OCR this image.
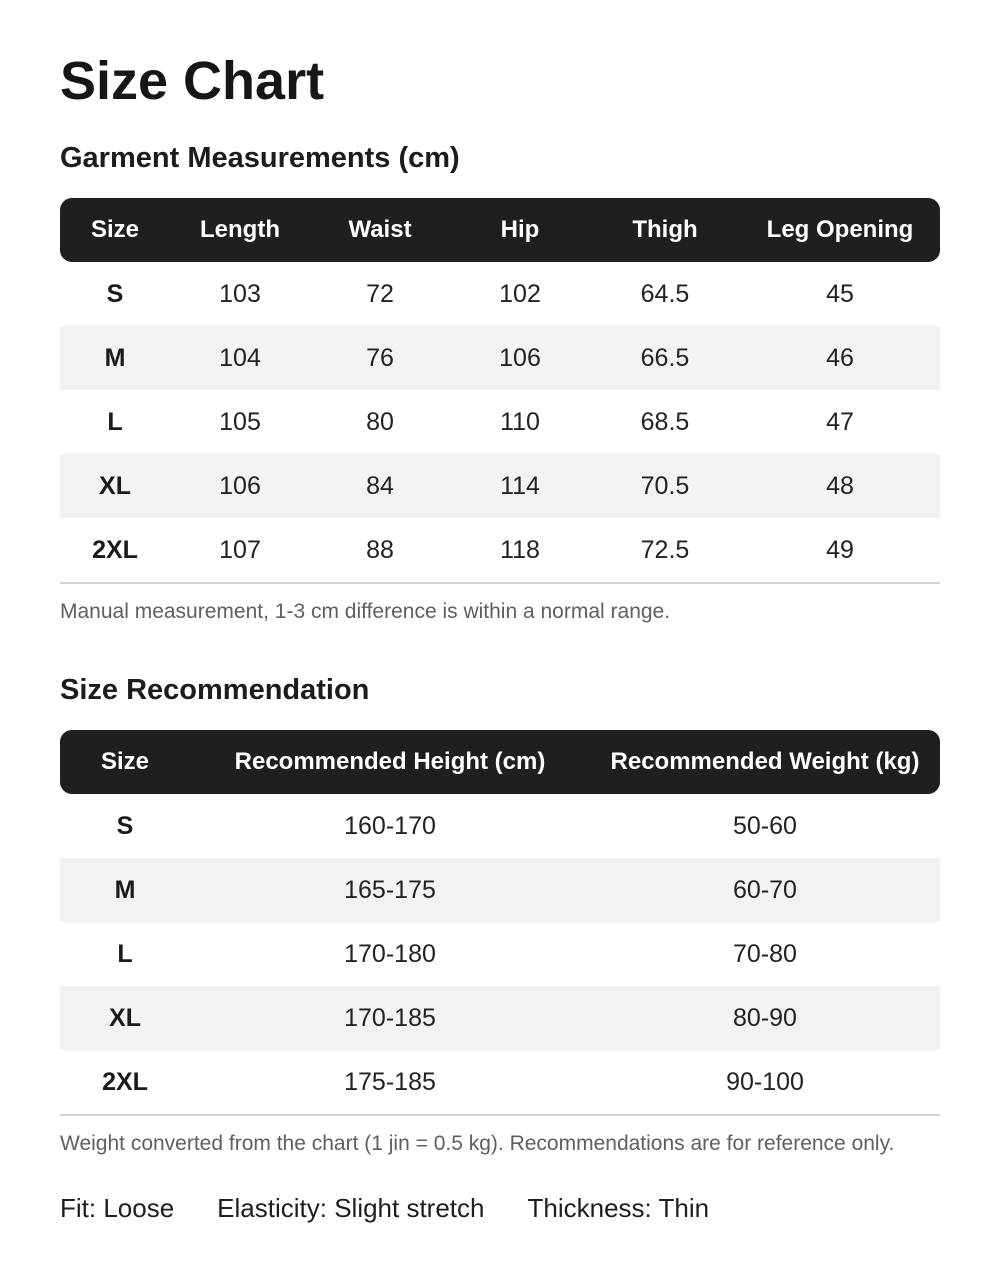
Size Chart
Garment Measurements (cm)
Size	Length	Waist	Hip	Thigh	Leg Opening
S	103	72	102	64.5	45
M	104	76	106	66.5	46
L	105	80	110	68.5	47
XL	106	84	114	70.5	48
2XL	107	88	118	72.5	49
Manual measurement, 1-3 cm difference is within a normal range.
Size Recommendation
Size	Recommended Height (cm)	Recommended Weight (kg)
S	160-170	50-60
M	165-175	60-70
L	170-180	70-80
XL	170-185	80-90
2XL	175-185	90-100
Weight converted from the chart (1 jin = 0.5 kg). Recommendations are for reference only.
Fit: Loose Elasticity: Slight stretch Thickness: Thin
